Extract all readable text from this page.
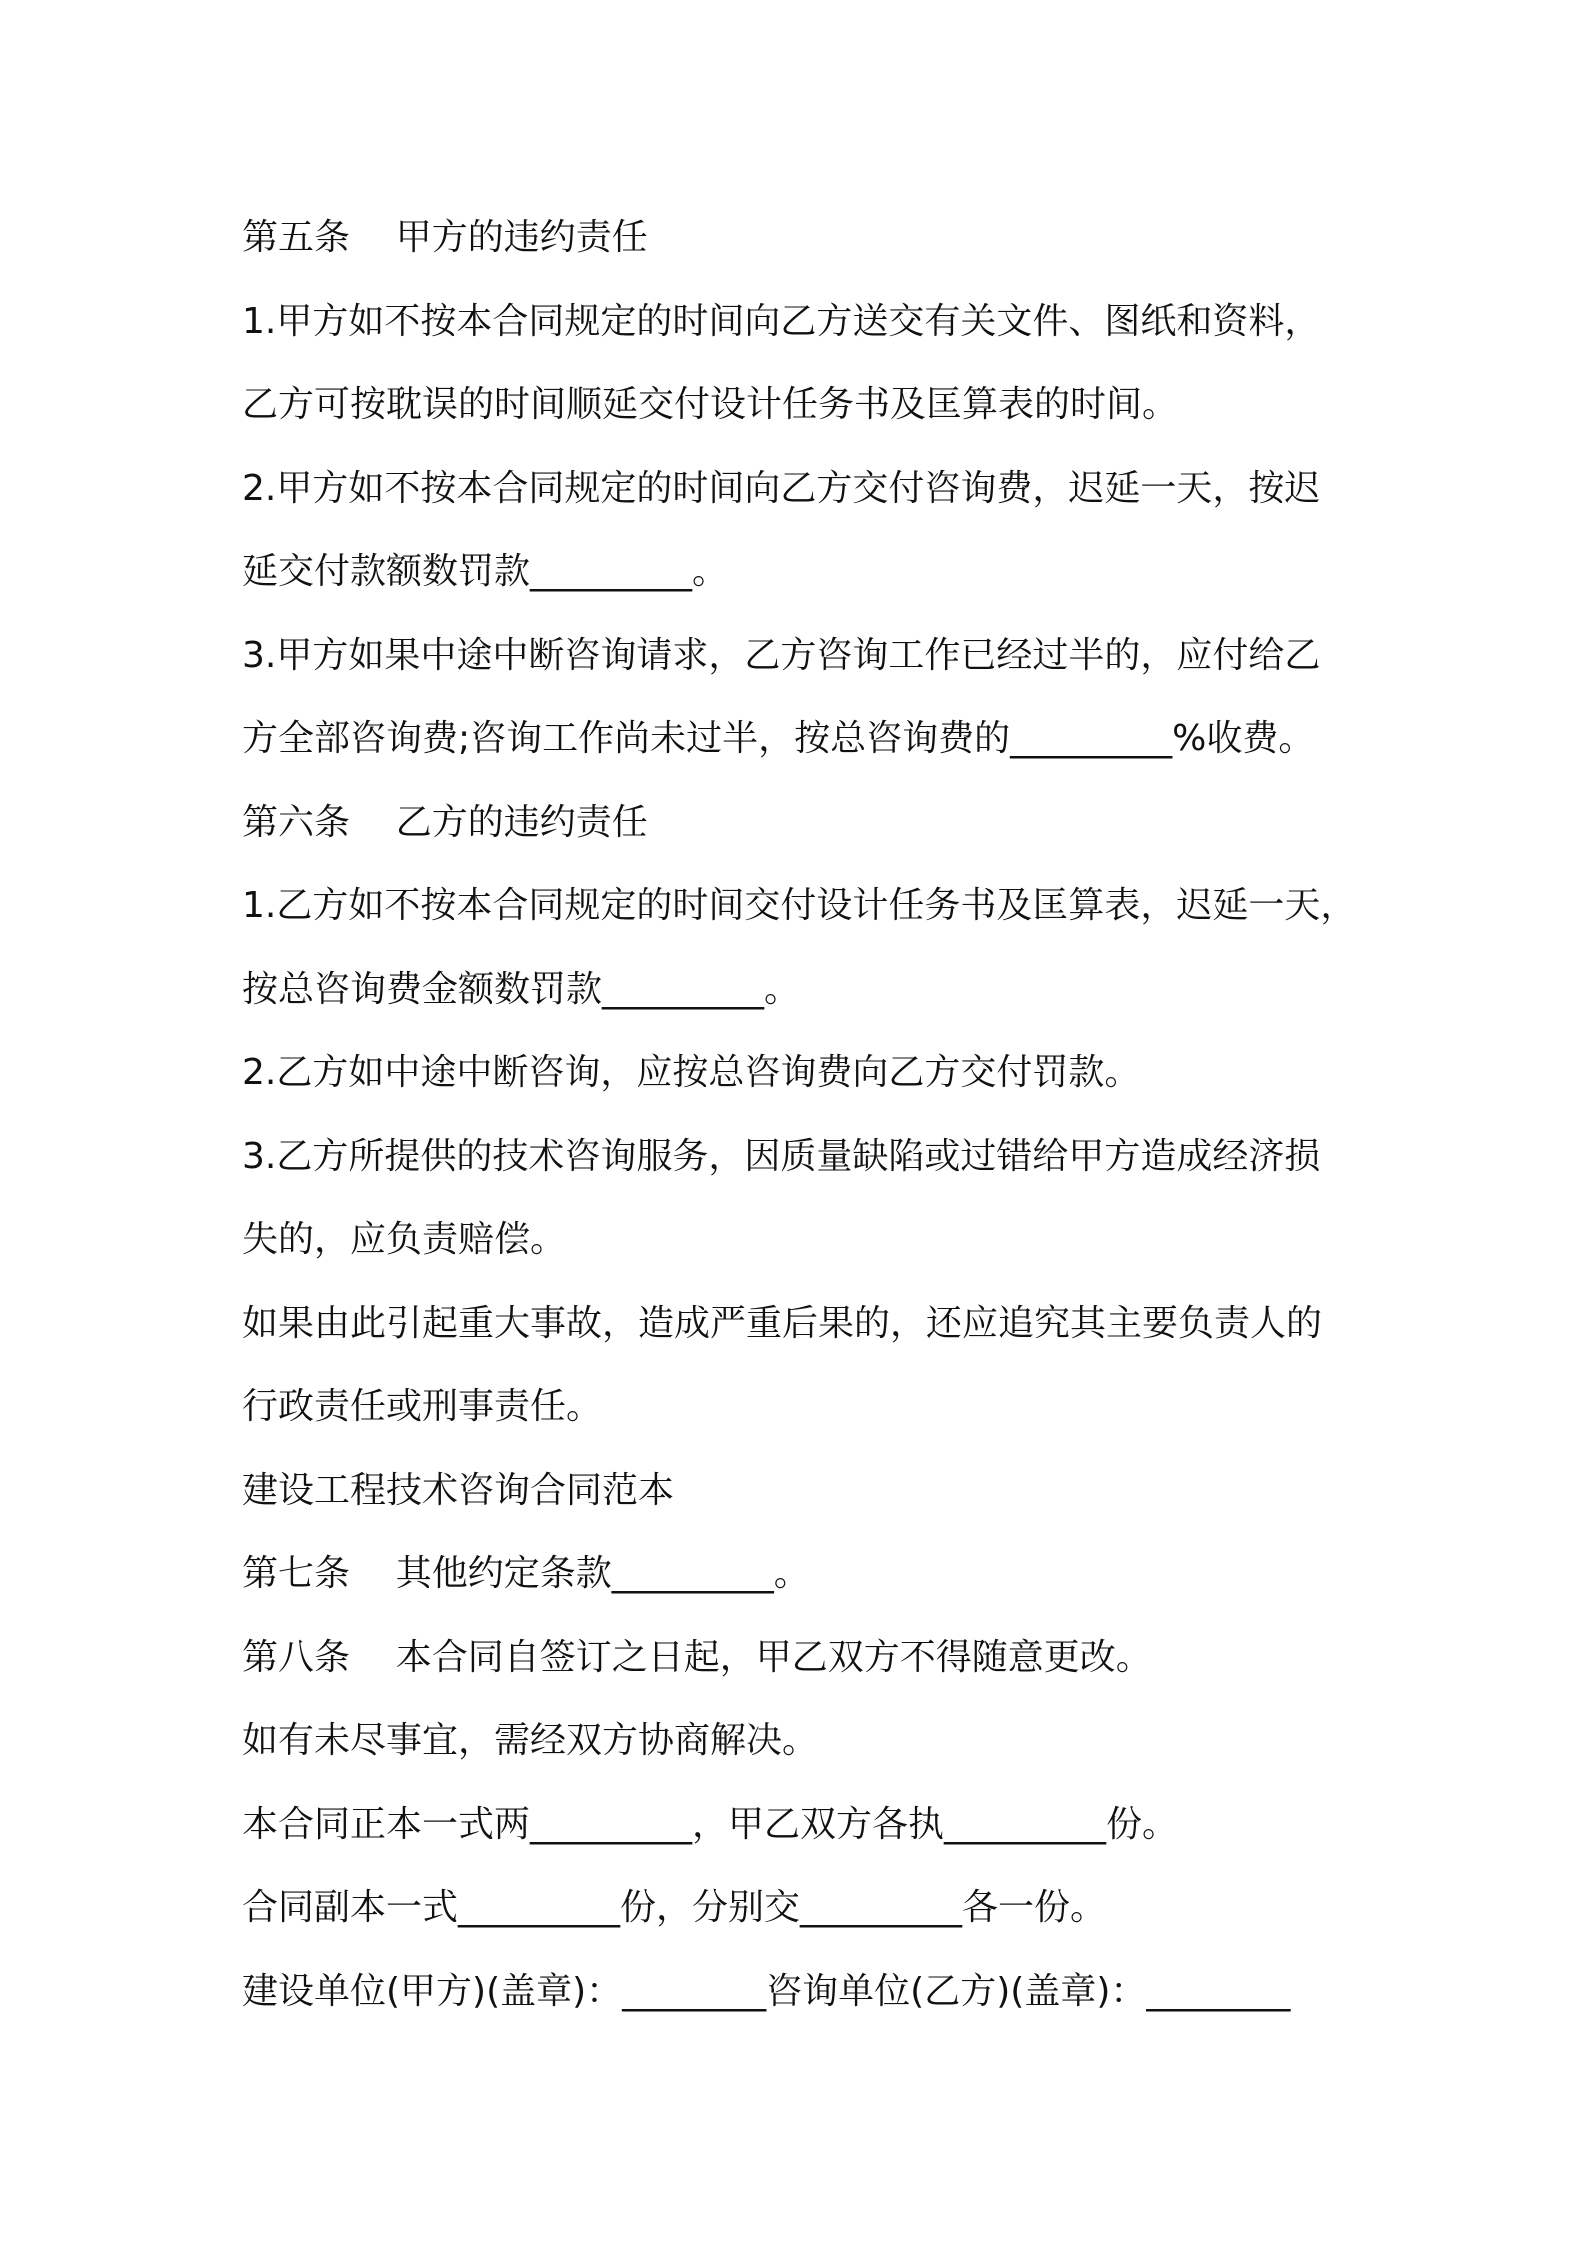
第五条    甲方的违约责任
1.甲方如不按本合同规定的时间向乙方送交有关文件、图纸和资料，
乙方可按耽误的时间顺延交付设计任务书及匡算表的时间。
2.甲方如不按本合同规定的时间向乙方交付咨询费，迟延一天，按迟
延交付款额数罚款_________。
3.甲方如果中途中断咨询请求，乙方咨询工作已经过半的，应付给乙
方全部咨询费;咨询工作尚未过半，按总咨询费的_________%收费。
第六条    乙方的违约责任
1.乙方如不按本合同规定的时间交付设计任务书及匡算表，迟延一天，
按总咨询费金额数罚款_________。
2.乙方如中途中断咨询，应按总咨询费向乙方交付罚款。
3.乙方所提供的技术咨询服务，因质量缺陷或过错给甲方造成经济损
失的，应负责赔偿。
如果由此引起重大事故，造成严重后果的，还应追究其主要负责人的
行政责任或刑事责任。
建设工程技术咨询合同范本
第七条    其他约定条款_________。
第八条    本合同自签订之日起，甲乙双方不得随意更改。
如有未尽事宜，需经双方协商解决。
本合同正本一式两_________，甲乙双方各执_________份。
合同副本一式_________份，分别交_________各一份。
建设单位(甲方)(盖章)：________咨询单位(乙方)(盖章)：________
